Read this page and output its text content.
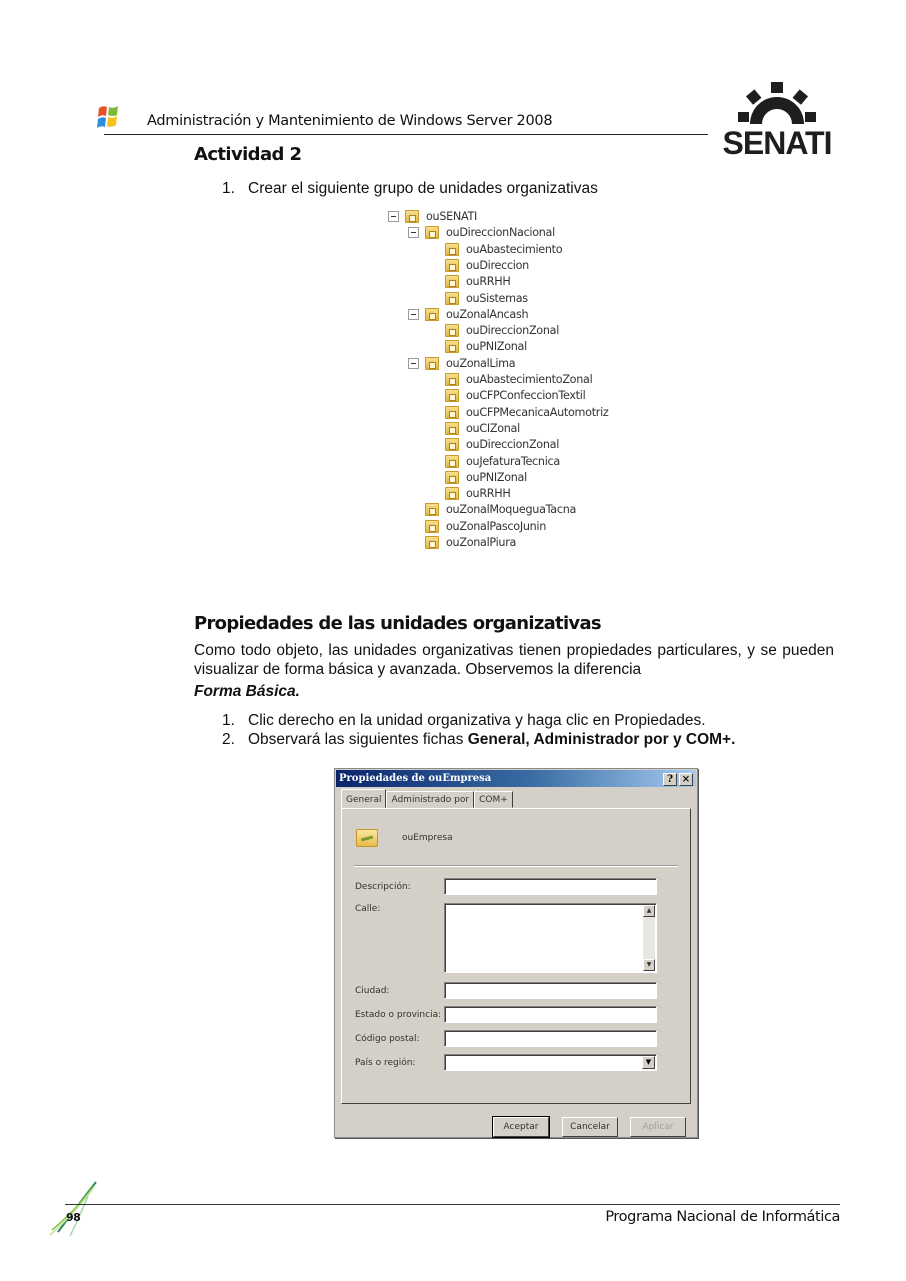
Administración y Mantenimiento de Windows Server 2008
SENATI
Actividad 2
1. Crear el siguiente grupo de unidades organizativas
ouSENATI
ouDireccionNacional
ouAbastecimiento
ouDireccion
ouRRHH
ouSistemas
ouZonalAncash
ouDireccionZonal
ouPNIZonal
ouZonalLima
ouAbastecimientoZonal
ouCFPConfeccionTextil
ouCFPMecanicaAutomotriz
ouCIZonal
ouDireccionZonal
ouJefaturaTecnica
ouPNIZonal
ouRRHH
ouZonalMoqueguaTacna
ouZonalPascoJunin
ouZonalPiura
Propiedades de las unidades organizativas
Como todo objeto, las unidades organizativas tienen propiedades particulares, y se pueden visualizar de forma básica y avanzada. Observemos la diferencia
Forma Básica.
1. Clic derecho en la unidad organizativa y haga clic en Propiedades.
2. Observará las siguientes fichas General, Administrador por y COM+.
Propiedades de ouEmpresa	? ×
General	Administrado por	COM+
ouEmpresa
Descripción:
Calle:	▲
▼
Ciudad:
Estado o provincia:
Código postal:
País o región:	▼
Aceptar	Cancelar	Aplicar
98	Programa Nacional de Informática
